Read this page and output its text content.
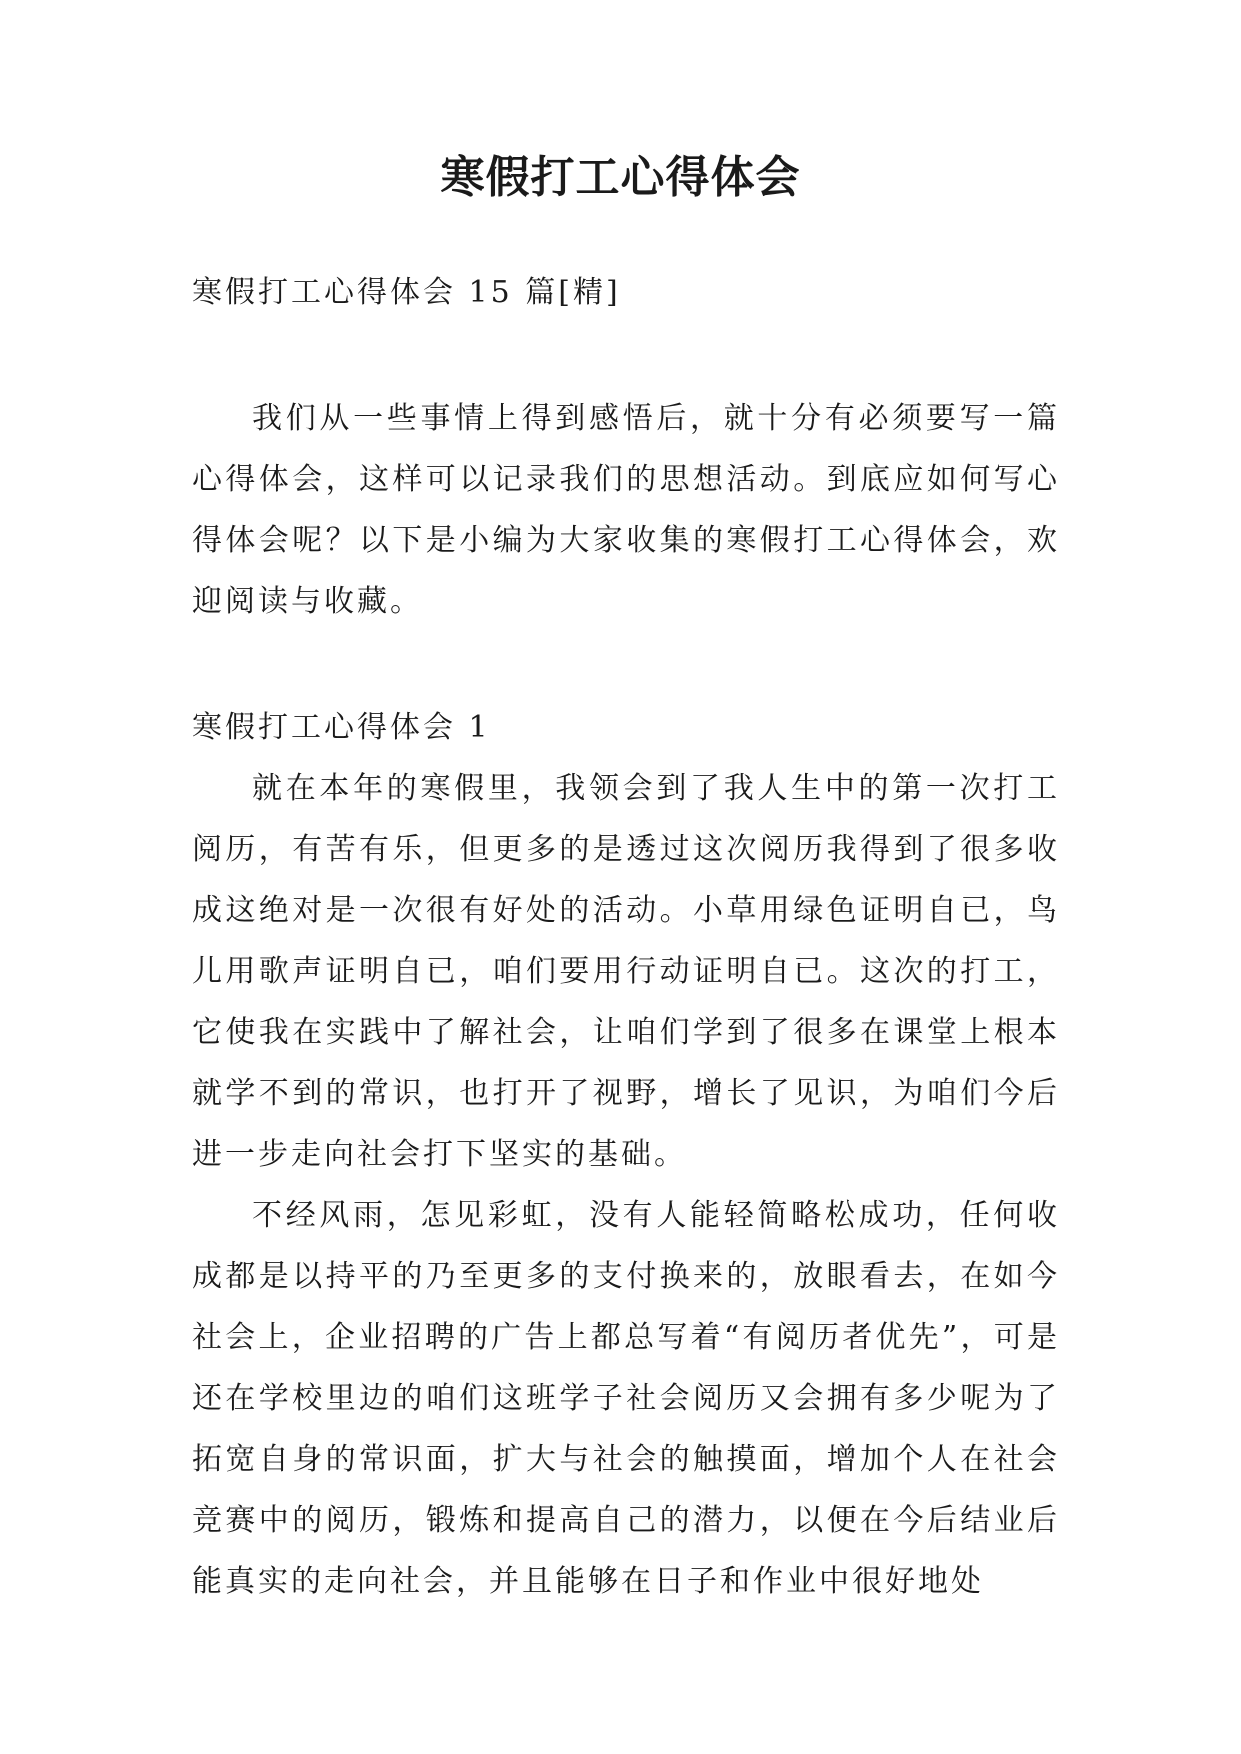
寒假打工心得体会

寒假打工心得体会 15 篇[精]

我们从一些事情上得到感悟后，就十分有必须要写一篇心得体会，这样可以记录我们的思想活动。到底应如何写心得体会呢？以下是小编为大家收集的寒假打工心得体会，欢迎阅读与收藏。

寒假打工心得体会 1

就在本年的寒假里，我领会到了我人生中的第一次打工阅历，有苦有乐，但更多的是透过这次阅历我得到了很多收成这绝对是一次很有好处的活动。小草用绿色证明自已，鸟儿用歌声证明自已，咱们要用行动证明自已。这次的打工，它使我在实践中了解社会，让咱们学到了很多在课堂上根本就学不到的常识，也打开了视野，增长了见识，为咱们今后进一步走向社会打下坚实的基础。

不经风雨，怎见彩虹，没有人能轻简略松成功，任何收成都是以持平的乃至更多的支付换来的，放眼看去，在如今社会上，企业招聘的广告上都总写着“有阅历者优先”，可是还在学校里边的咱们这班学子社会阅历又会拥有多少呢为了拓宽自身的常识面，扩大与社会的触摸面，增加个人在社会竞赛中的阅历，锻炼和提高自己的潜力，以便在今后结业后能真实的走向社会，并且能够在日子和作业中很好地处
